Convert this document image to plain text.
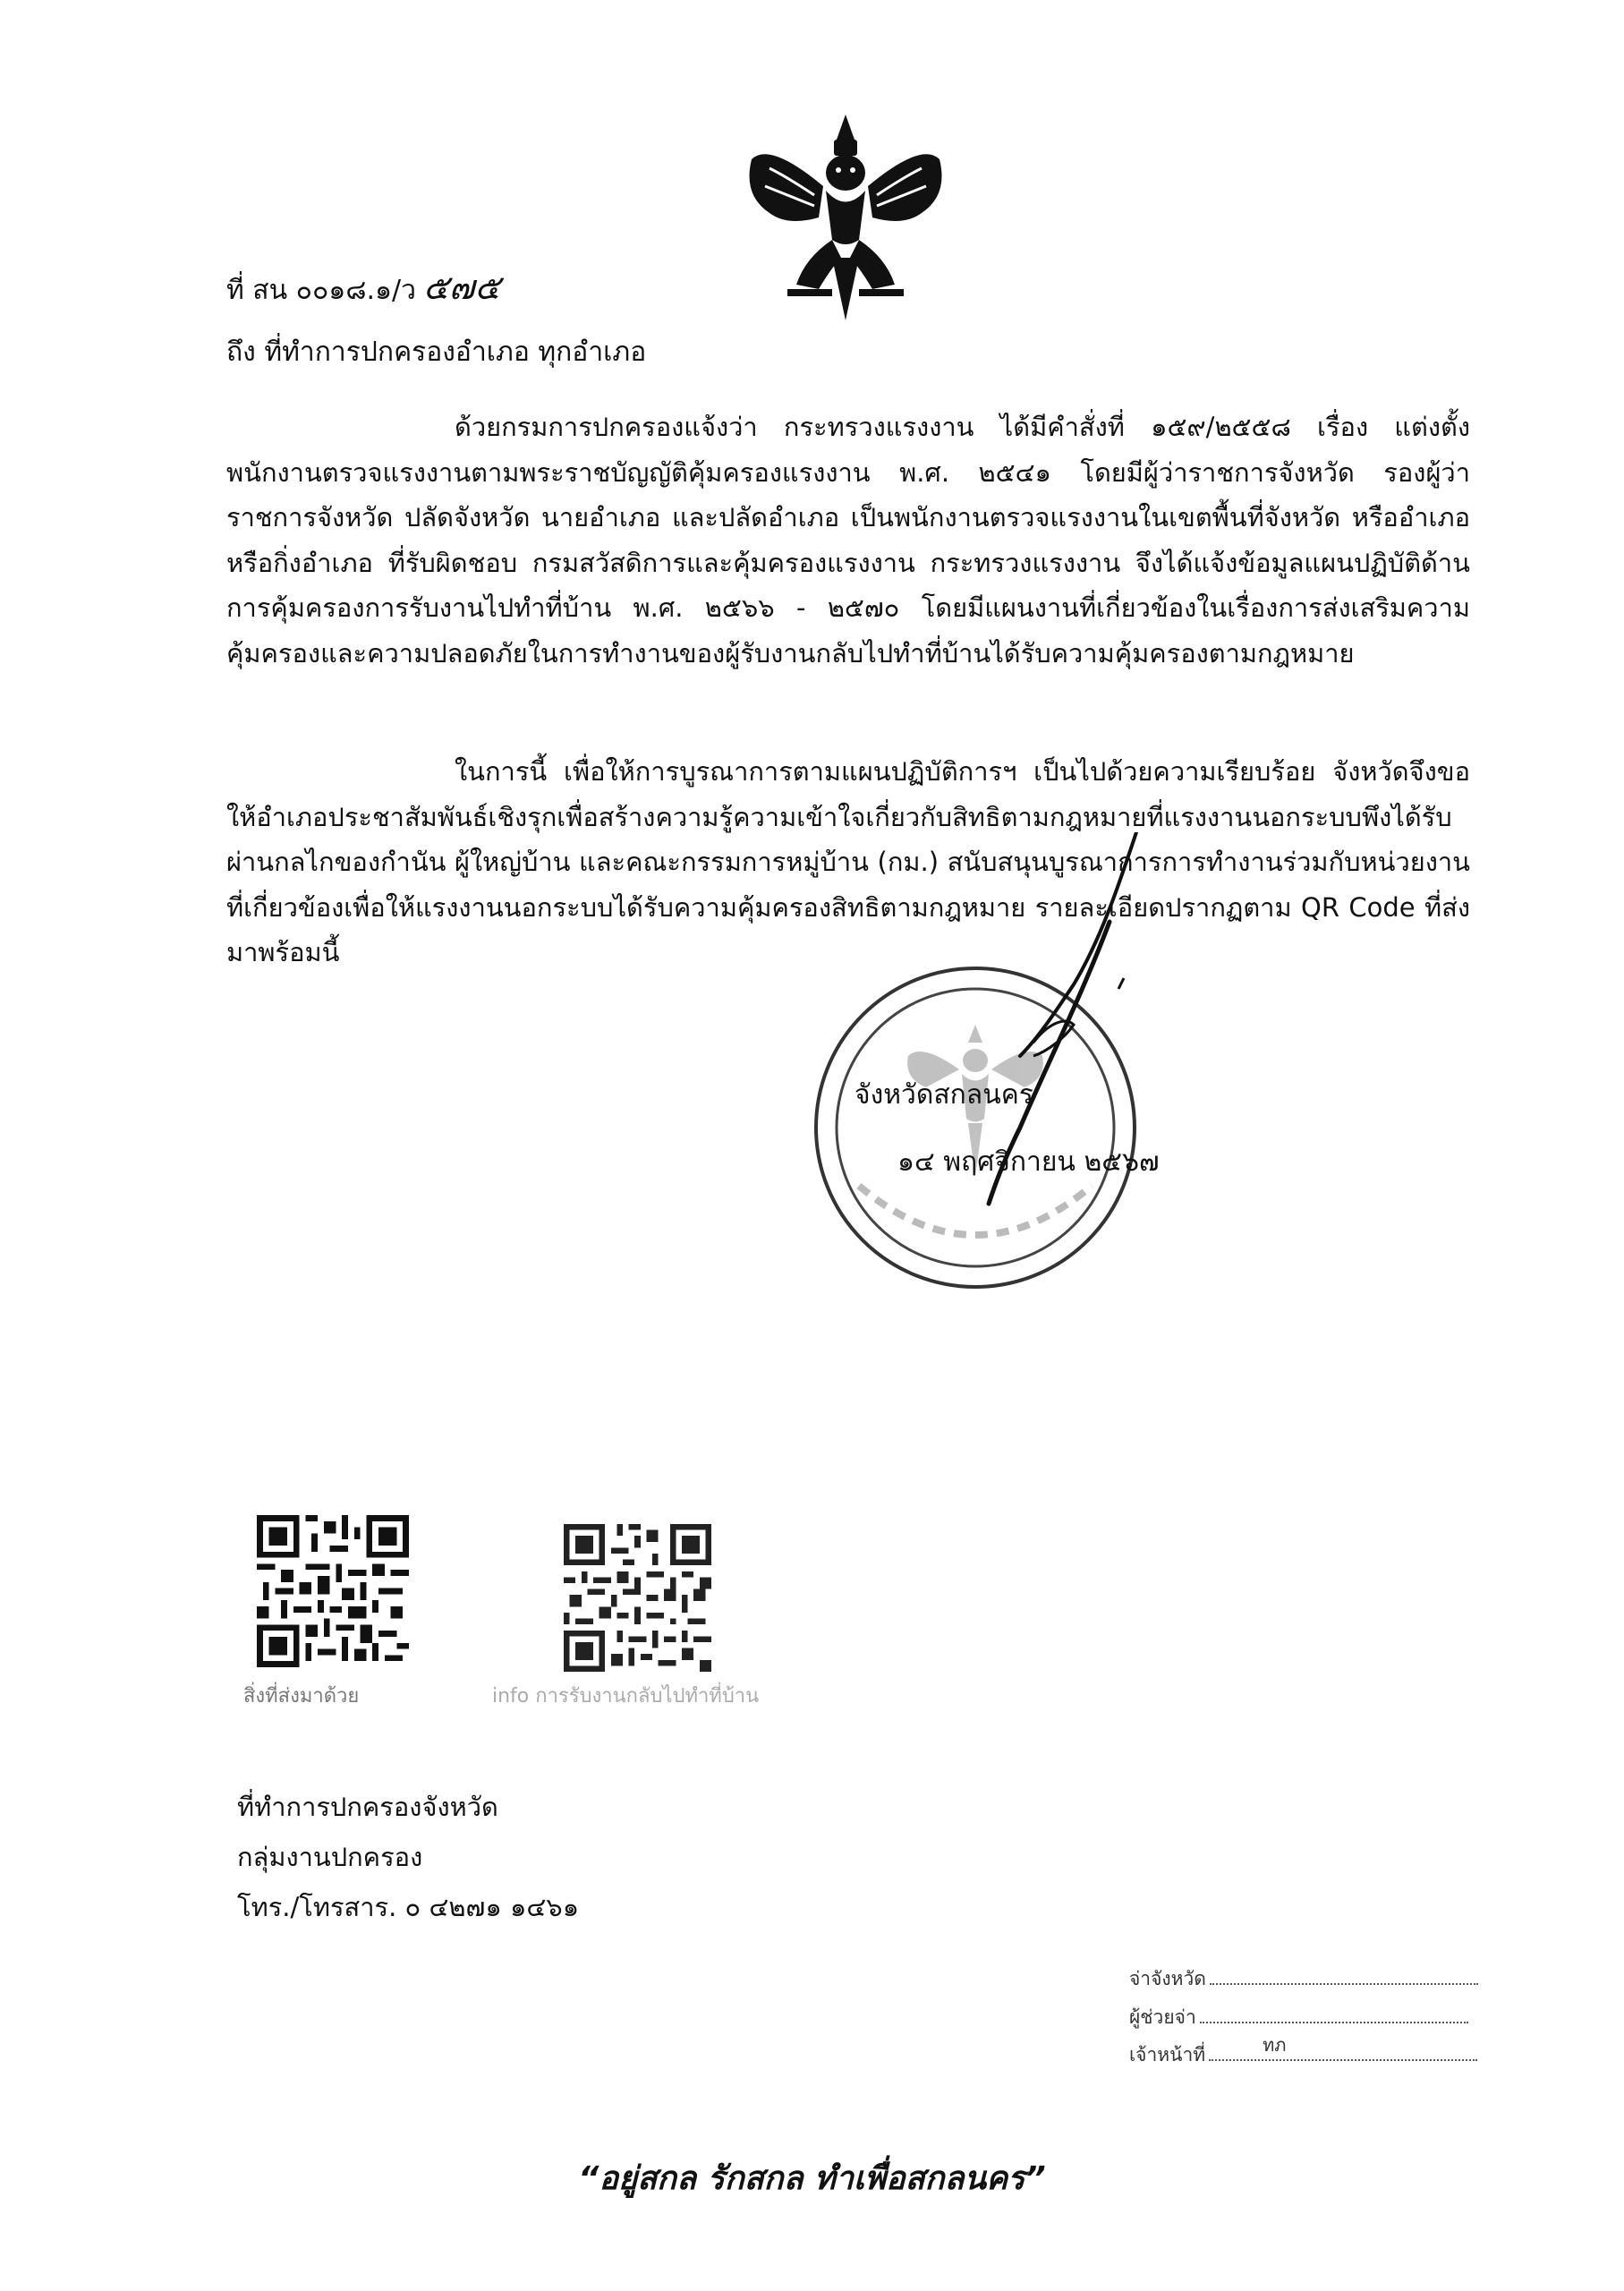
ที่ สน ๐๐๑๘.๑/ว ๕๗๕
ถึง ที่ทำการปกครองอำเภอ ทุกอำเภอ

ด้วยกรมการปกครองแจ้งว่า กระทรวงแรงงาน ได้มีคำสั่งที่ ๑๕๙/๒๕๕๘ เรื่อง แต่งตั้งพนักงานตรวจแรงงานตามพระราชบัญญัติคุ้มครองแรงงาน พ.ศ. ๒๕๔๑ โดยมีผู้ว่าราชการจังหวัด รองผู้ว่าราชการจังหวัด ปลัดจังหวัด นายอำเภอ และปลัดอำเภอ เป็นพนักงานตรวจแรงงานในเขตพื้นที่จังหวัด หรืออำเภอ หรือกิ่งอำเภอ ที่รับผิดชอบ กรมสวัสดิการและคุ้มครองแรงงาน กระทรวงแรงงาน จึงได้แจ้งข้อมูลแผนปฏิบัติด้านการคุ้มครองการรับงานไปทำที่บ้าน พ.ศ. ๒๕๖๖ - ๒๕๗๐ โดยมีแผนงานที่เกี่ยวข้องในเรื่องการส่งเสริมความคุ้มครองและความปลอดภัยในการทำงานของผู้รับงานกลับไปทำที่บ้านได้รับความคุ้มครองตามกฎหมาย

ในการนี้ เพื่อให้การบูรณาการตามแผนปฏิบัติการฯ เป็นไปด้วยความเรียบร้อย จังหวัดจึงขอให้อำเภอประชาสัมพันธ์เชิงรุกเพื่อสร้างความรู้ความเข้าใจเกี่ยวกับสิทธิตามกฎหมายที่แรงงานนอกระบบพึงได้รับผ่านกลไกของกำนัน ผู้ใหญ่บ้าน และคณะกรรมการหมู่บ้าน (กม.) สนับสนุนบูรณาการการทำงานร่วมกับหน่วยงานที่เกี่ยวข้องเพื่อให้แรงงานนอกระบบได้รับความคุ้มครองสิทธิตามกฎหมาย รายละเอียดปรากฏตาม QR Code ที่ส่งมาพร้อมนี้

จังหวัดสกลนคร
๑๔ พฤศจิกายน ๒๕๖๗
สิ่งที่ส่งมาด้วย	info การรับงานกลับไปทำที่บ้าน
ที่ทำการปกครองจังหวัด
กลุ่มงานปกครอง
โทร./โทรสาร. ๐ ๔๒๗๑ ๑๔๖๑
จ่าจังหวัด
ผู้ช่วยจ่า
เจ้าหน้าที่	ทภ
“อยู่สกล รักสกล ทำเพื่อสกลนคร”
